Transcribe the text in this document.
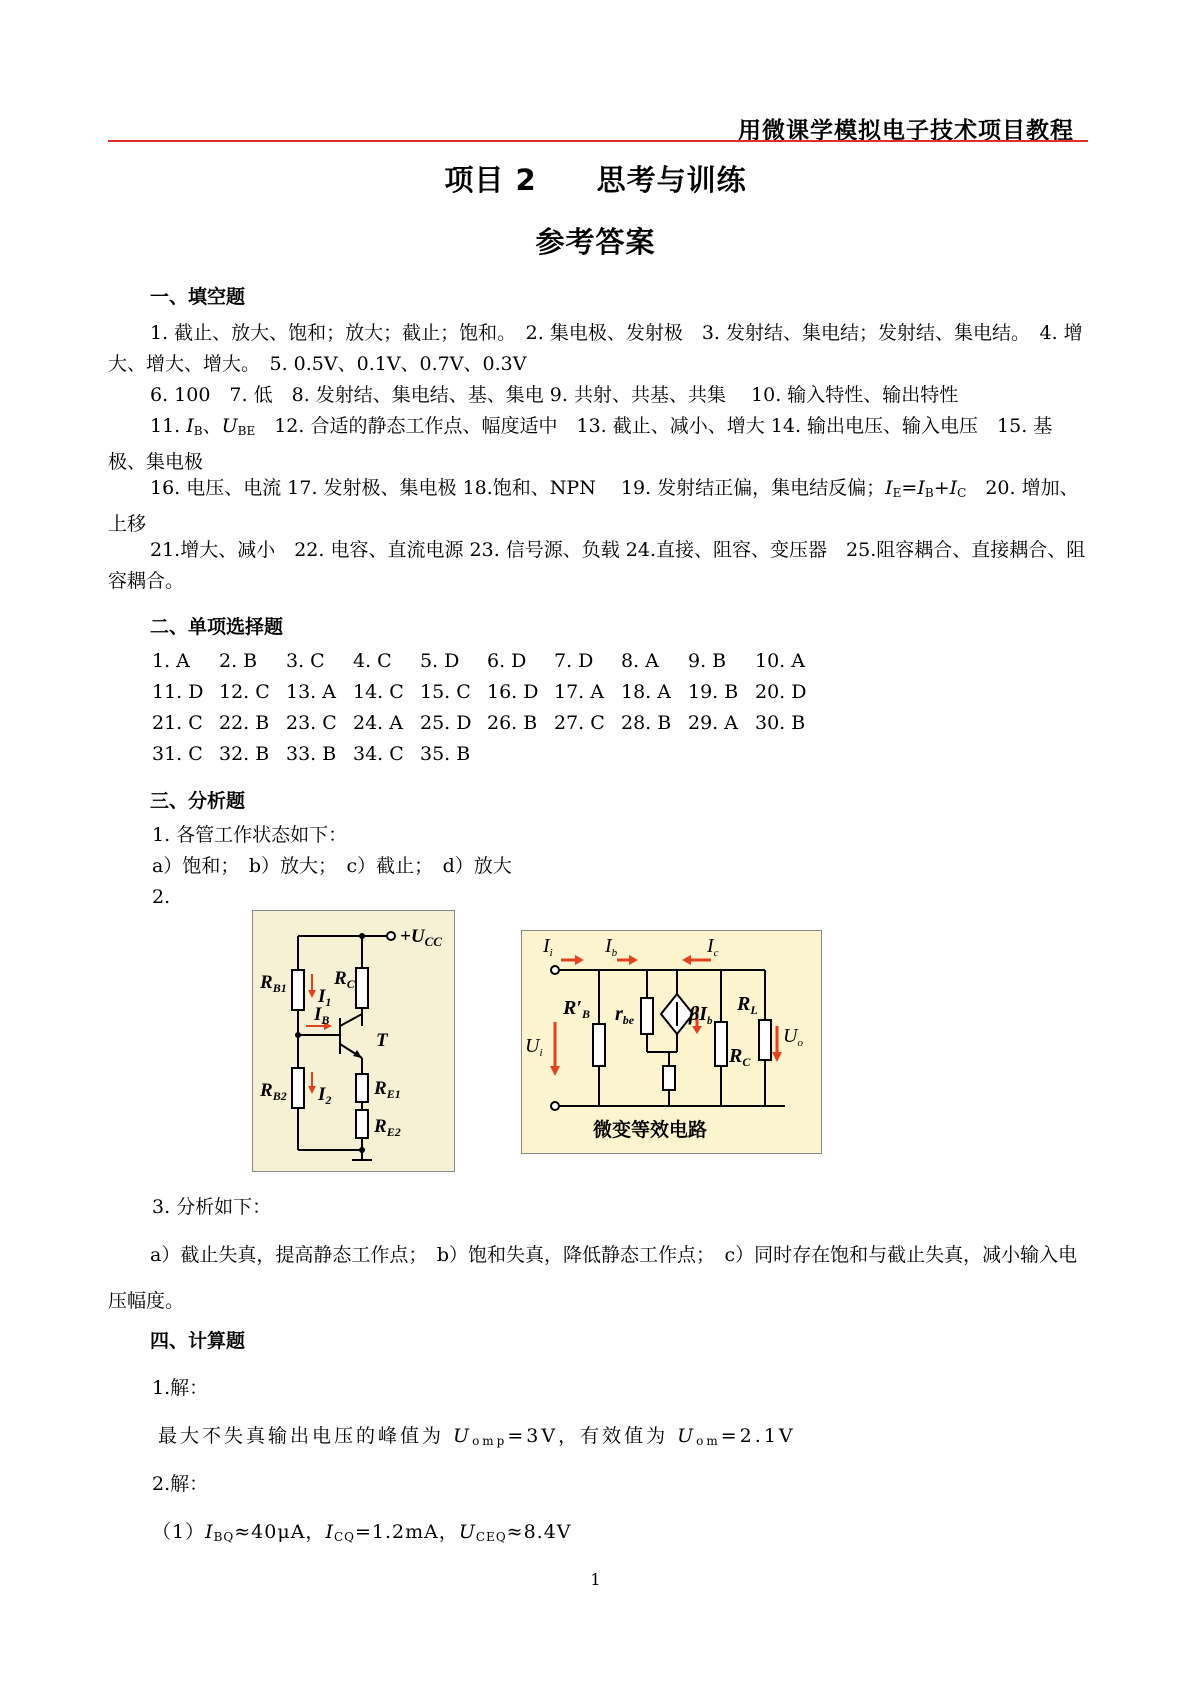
用微课学模拟电子技术项目教程
项目 2　　思考与训练
参考答案
一、填空题
1. 截止、放大、饱和；放大；截止；饱和。　2. 集电极、发射极　3. 发射结、集电结；发射结、集电结。　4. 增大、增大、增大。　5. 0.5V、0.1V、0.7V、0.3V
6. 100　7. 低　8. 发射结、集电结、基、集电 9. 共射、共基、共集　 10. 输入特性、输出特性
11. $I_B$、$U_{BE}$　12. 合适的静态工作点、幅度适中　13. 截止、减小、增大 14. 输出电压、输入电压　15. 基极、集电极
16. 电压、电流 17. 发射极、集电极 18.饱和、NPN　 19. 发射结正偏，集电结反偏；$I_E=I_B+I_C$　20. 增加、上移
21.增大、减小　22. 电容、直流电源 23. 信号源、负载 24.直接、阻容、变压器　25.阻容耦合、直接耦合、阻容耦合。
二、单项选择题
1. A 2. B 3. C 4. C 5. D 6. D 7. D 8. A 9. B 10. A
11. D 12. C 13. A 14. C 15. C 16. D 17. A 18. A 19. B 20. D
21. C 22. B 23. C 24. A 25. D 26. B 27. C 28. B 29. A 30. B
31. C 32. B 33. B 34. C 35. B
三、分析题
1. 各管工作状态如下：
a）饱和；　b）放大；　c）截止；　d）放大
2.
$+U_{CC}$
$R_{B1}$ $I_1$
$R_C$
$I_B$
T
$R_{B2}$ $I_2$
$R_{E1}$
$R_{E2}$
$I_i$	$I_b$	$I_c$
$R'_B$ $r_{be}$	$\beta I_b$
$R_L$
$R_C$
$U_i$
$U_o$
微变等效电路
3. 分析如下：
a）截止失真，提高静态工作点；　b）饱和失真，降低静态工作点；　c）同时存在饱和与截止失真，减小输入电压幅度。
四、计算题
1.解：
最大不失真输出电压的峰值为 $U_{omp}=3V$，有效值为 $U_{om}=2.1V$
2.解：
$(1)I_{BQ}\approx 40\mu A$，$I_{CQ}=1.2mA$，$U_{CEQ}\approx 8.4V$
1
